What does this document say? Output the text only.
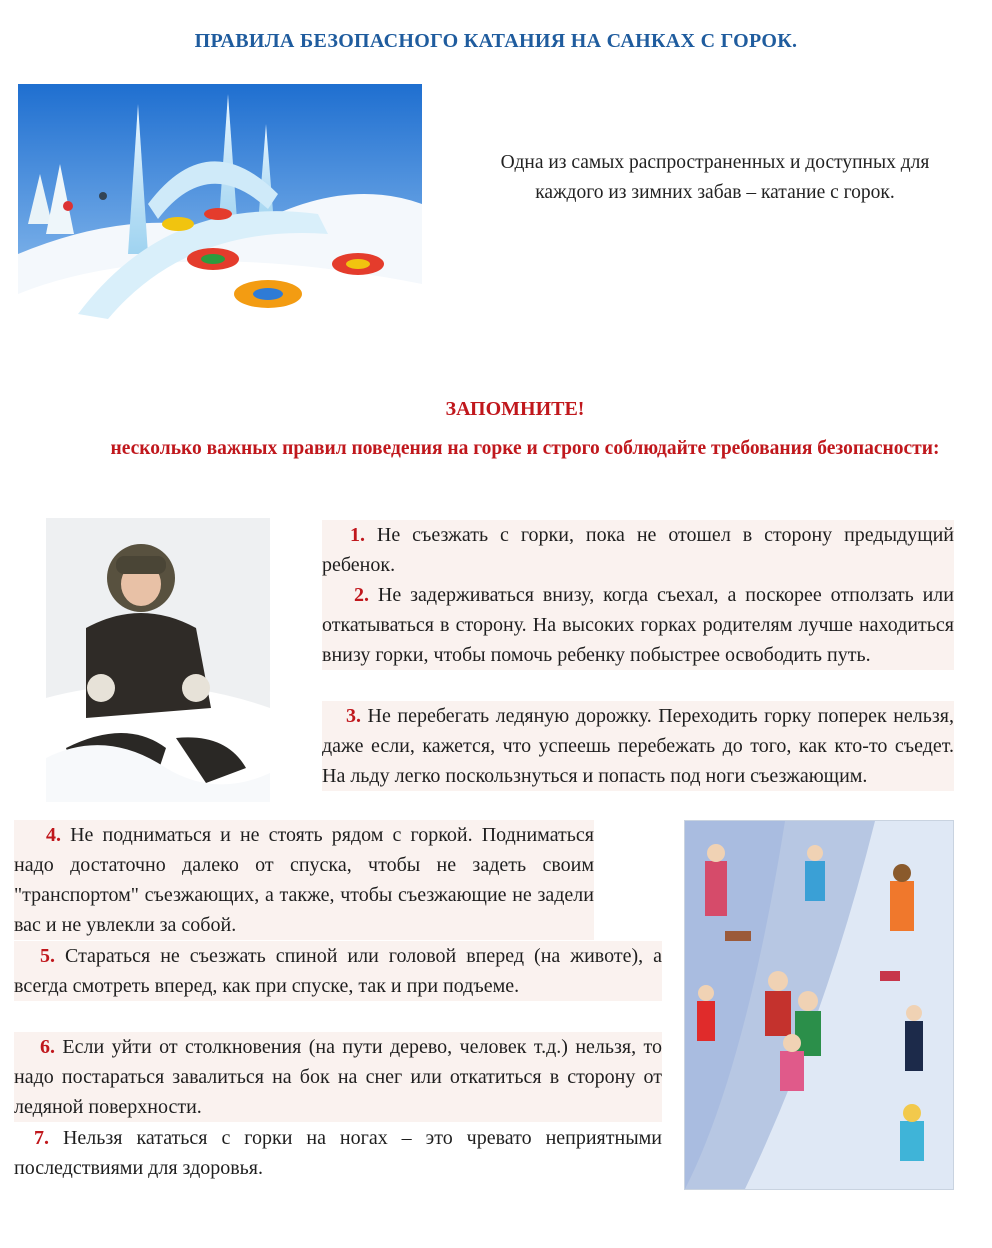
ПРАВИЛА БЕЗОПАСНОГО КАТАНИЯ НА САНКАХ С ГОРОК.
Одна из самых распространенных и доступных для каждого из зимних забав – катание с горок.
ЗАПОМНИТЕ!
несколько важных правил поведения на горке и строго соблюдайте требования безопасности:
1. Не съезжать с горки, пока не отошел в сторону предыдущий ребенок.
2. Не задерживаться внизу, когда съехал, а поскорее отползать или откатываться в сторону. На высоких горках родителям лучше находиться внизу горки, чтобы помочь ребенку побыстрее освободить путь.
3. Не перебегать ледяную дорожку. Переходить горку поперек нельзя, даже если, кажется, что успеешь перебежать до того, как кто-то съедет. На льду легко поскользнуться и попасть под ноги съезжающим.
4. Не подниматься и не стоять рядом с горкой. Подниматься надо достаточно далеко от спуска, чтобы не задеть своим "транспортом" съезжающих, а также, чтобы съезжающие не задели вас и не увлекли за собой.
5. Стараться не съезжать спиной или головой вперед (на животе), а всегда смотреть вперед, как при спуске, так и при подъеме.
6. Если уйти от столкновения (на пути дерево, человек т.д.) нельзя, то надо постараться завалиться на бок на снег или откатиться в сторону от ледяной поверхности.
7. Нельзя кататься с горки на ногах – это чревато неприятными последствиями для здоровья.
